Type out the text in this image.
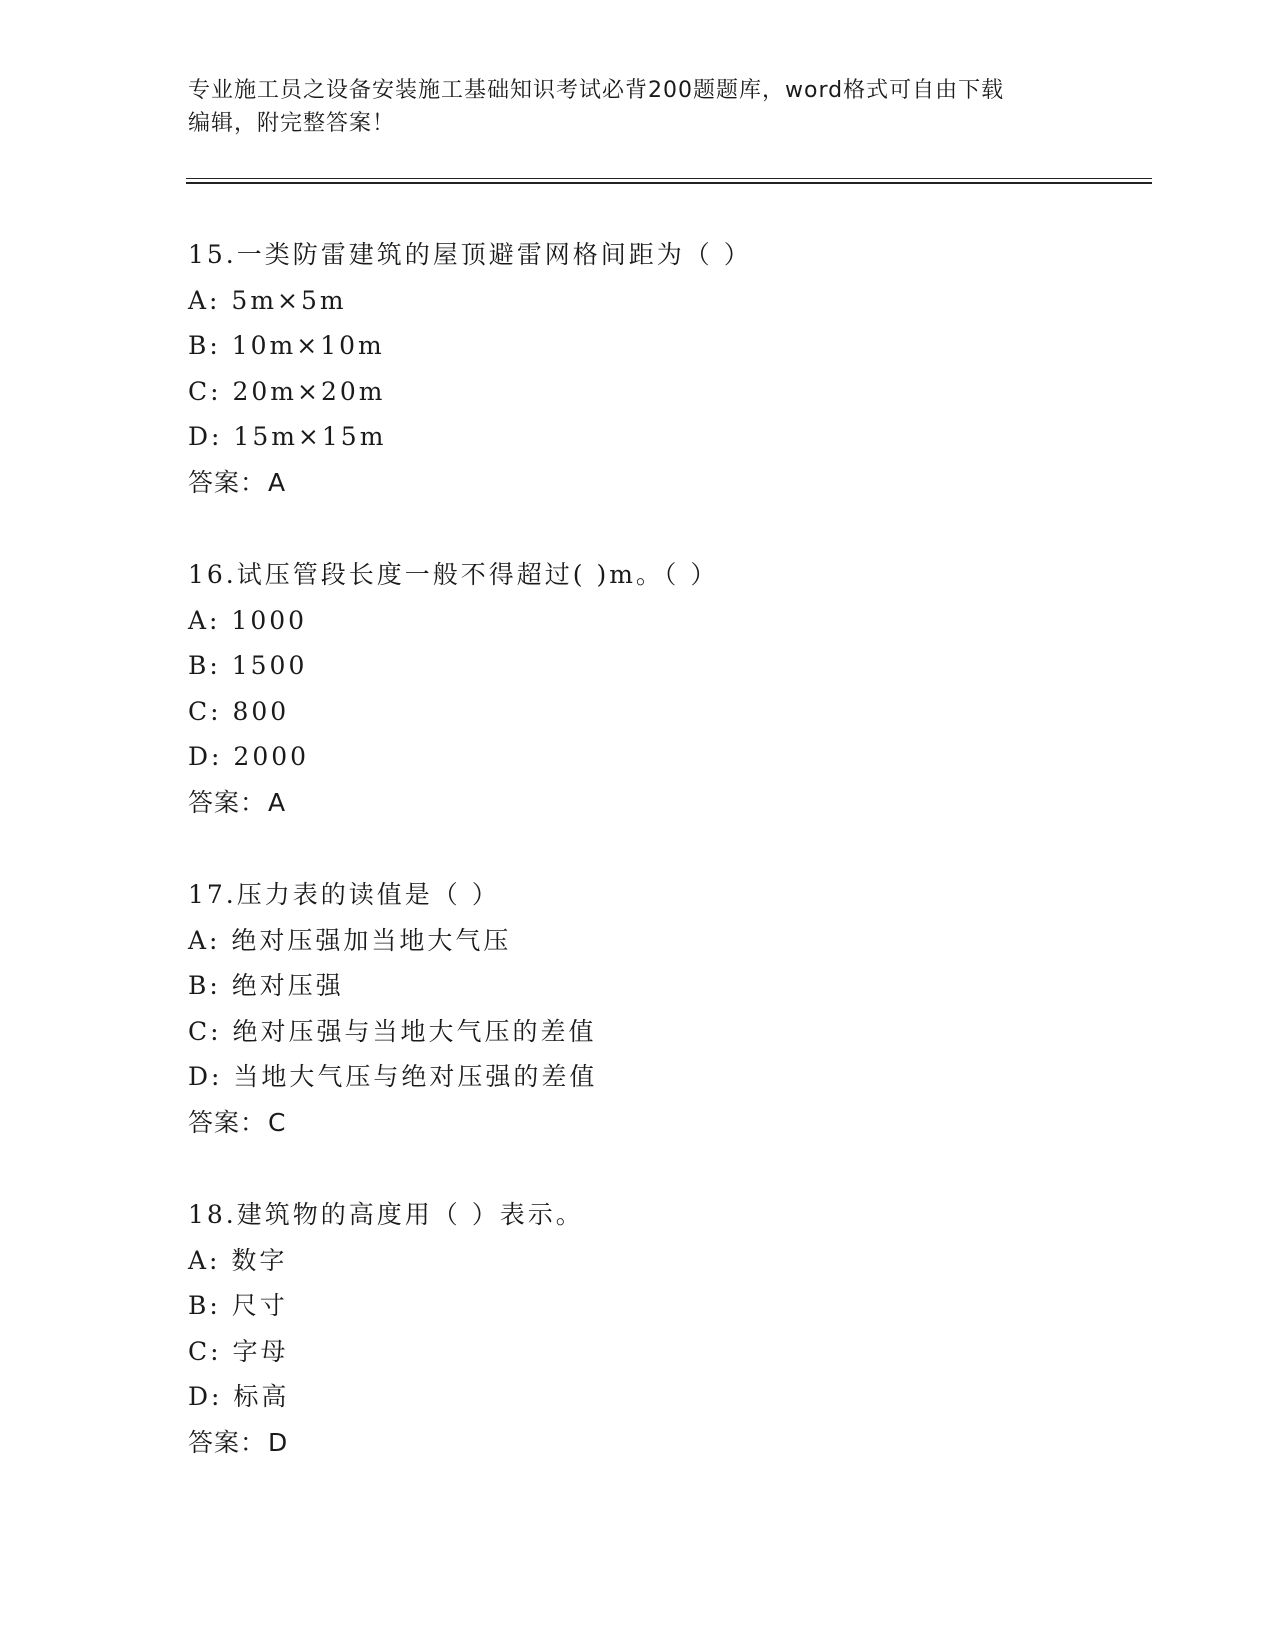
专业施工员之设备安装施工基础知识考试必背200题题库，word格式可自由下载
编辑，附完整答案！
15.一类防雷建筑的屋顶避雷网格间距为（ ）
A: 5m×5m
B: 10m×10m
C: 20m×20m
D: 15m×15m
答案：A
16.试压管段长度一般不得超过( )m。（ ）
A: 1000
B: 1500
C: 800
D: 2000
答案：A
17.压力表的读值是（ ）
A: 绝对压强加当地大气压
B: 绝对压强
C: 绝对压强与当地大气压的差值
D: 当地大气压与绝对压强的差值
答案：C
18.建筑物的高度用（ ）表示。
A: 数字
B: 尺寸
C: 字母
D: 标高
答案：D
